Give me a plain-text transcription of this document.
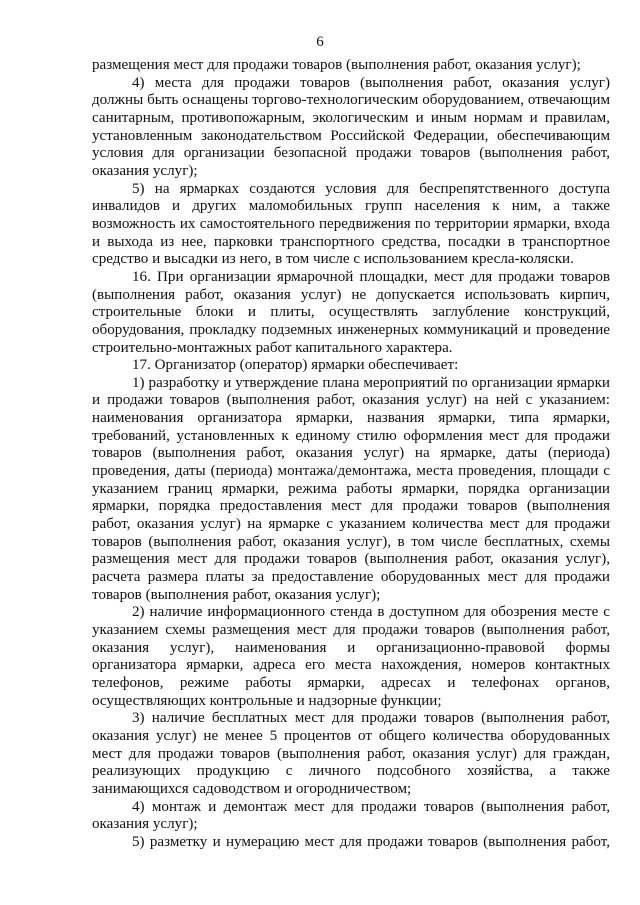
6

размещения мест для продажи товаров (выполнения работ, оказания услуг);

4) места для продажи товаров (выполнения работ, оказания услуг) должны быть оснащены торгово-технологическим оборудованием, отвечающим санитарным, противопожарным, экологическим и иным нормам и правилам, установленным законодательством Российской Федерации, обеспечивающим условия для организации безопасной продажи товаров (выполнения работ, оказания услуг);

5) на ярмарках создаются условия для беспрепятственного доступа инвалидов и других маломобильных групп населения к ним, а также возможность их самостоятельного передвижения по территории ярмарки, входа и выхода из нее, парковки транспортного средства, посадки в транспортное средство и высадки из него, в том числе с использованием кресла-коляски.

16. При организации ярмарочной площадки, мест для продажи товаров (выполнения работ, оказания услуг) не допускается использовать кирпич, строительные блоки и плиты, осуществлять заглубление конструкций, оборудования, прокладку подземных инженерных коммуникаций и проведение строительно-монтажных работ капитального характера.

17. Организатор (оператор) ярмарки обеспечивает:

1) разработку и утверждение плана мероприятий по организации ярмарки и продажи товаров (выполнения работ, оказания услуг) на ней с указанием: наименования организатора ярмарки, названия ярмарки, типа ярмарки, требований, установленных к единому стилю оформления мест для продажи товаров (выполнения работ, оказания услуг) на ярмарке, даты (периода) проведения, даты (периода) монтажа/демонтажа, места проведения, площади с указанием границ ярмарки, режима работы ярмарки, порядка организации ярмарки, порядка предоставления мест для продажи товаров (выполнения работ, оказания услуг) на ярмарке с указанием количества мест для продажи товаров (выполнения работ, оказания услуг), в том числе бесплатных, схемы размещения мест для продажи товаров (выполнения работ, оказания услуг), расчета размера платы за предоставление оборудованных мест для продажи товаров (выполнения работ, оказания услуг);

2) наличие информационного стенда в доступном для обозрения месте с указанием схемы размещения мест для продажи товаров (выполнения работ, оказания услуг), наименования и организационно-правовой формы организатора ярмарки, адреса его места нахождения, номеров контактных телефонов, режиме работы ярмарки, адресах и телефонах органов, осуществляющих контрольные и надзорные функции;

3) наличие бесплатных мест для продажи товаров (выполнения работ, оказания услуг) не менее 5 процентов от общего количества оборудованных мест для продажи товаров (выполнения работ, оказания услуг) для граждан, реализующих продукцию с личного подсобного хозяйства, а также занимающихся садоводством и огородничеством;

4) монтаж и демонтаж мест для продажи товаров (выполнения работ, оказания услуг);

5) разметку и нумерацию мест для продажи товаров (выполнения работ,
